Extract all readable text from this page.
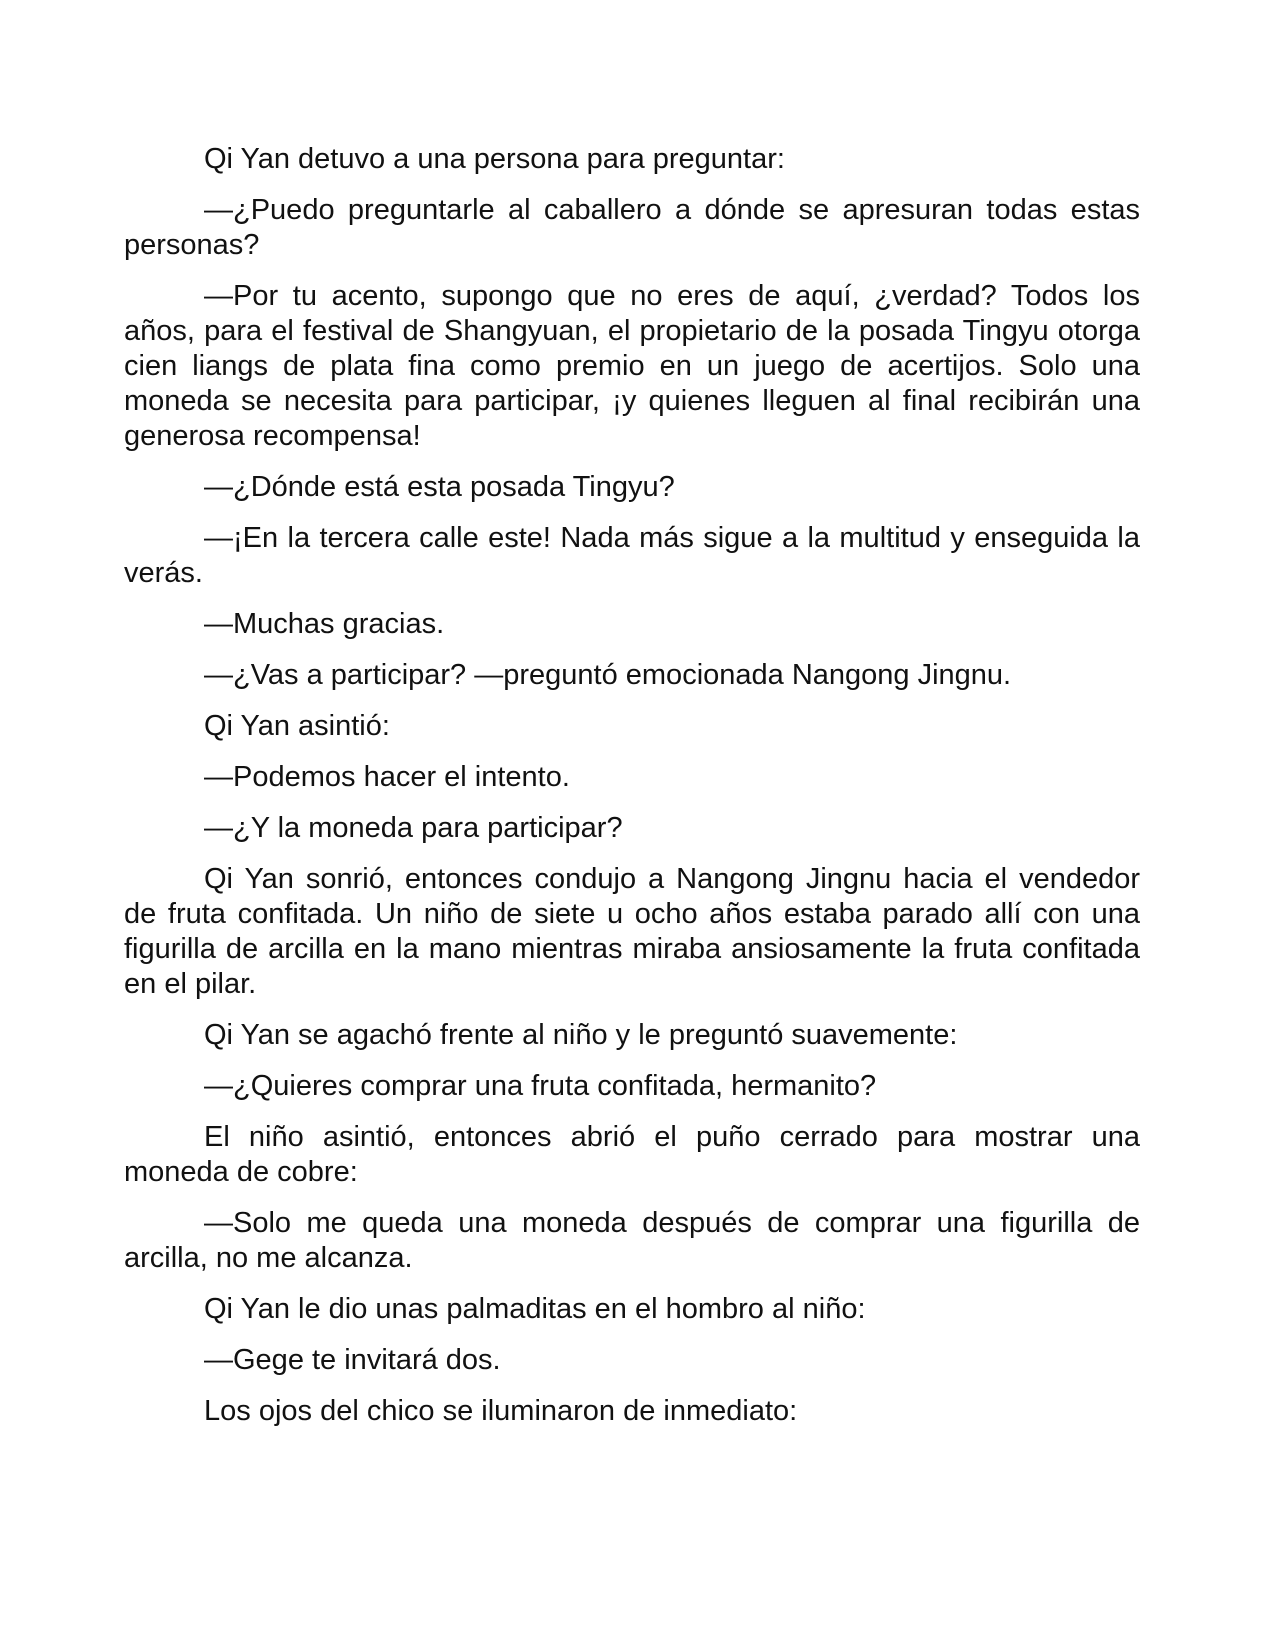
Qi Yan detuvo a una persona para preguntar:

—¿Puedo preguntarle al caballero a dónde se apresuran todas estas personas?

—Por tu acento, supongo que no eres de aquí, ¿verdad? Todos los años, para el festival de Shangyuan, el propietario de la posada Tingyu otorga cien liangs de plata fina como premio en un juego de acertijos. Solo una moneda se necesita para participar, ¡y quienes lleguen al final recibirán una generosa recompensa!

—¿Dónde está esta posada Tingyu?

—¡En la tercera calle este! Nada más sigue a la multitud y enseguida la verás.

—Muchas gracias.

—¿Vas a participar? —preguntó emocionada Nangong Jingnu.

Qi Yan asintió:

—Podemos hacer el intento.

—¿Y la moneda para participar?

Qi Yan sonrió, entonces condujo a Nangong Jingnu hacia el vendedor de fruta confitada. Un niño de siete u ocho años estaba parado allí con una figurilla de arcilla en la mano mientras miraba ansiosamente la fruta confitada en el pilar.

Qi Yan se agachó frente al niño y le preguntó suavemente:

—¿Quieres comprar una fruta confitada, hermanito?

El niño asintió, entonces abrió el puño cerrado para mostrar una moneda de cobre:

—Solo me queda una moneda después de comprar una figurilla de arcilla, no me alcanza.

Qi Yan le dio unas palmaditas en el hombro al niño:

—Gege te invitará dos.

Los ojos del chico se iluminaron de inmediato:
